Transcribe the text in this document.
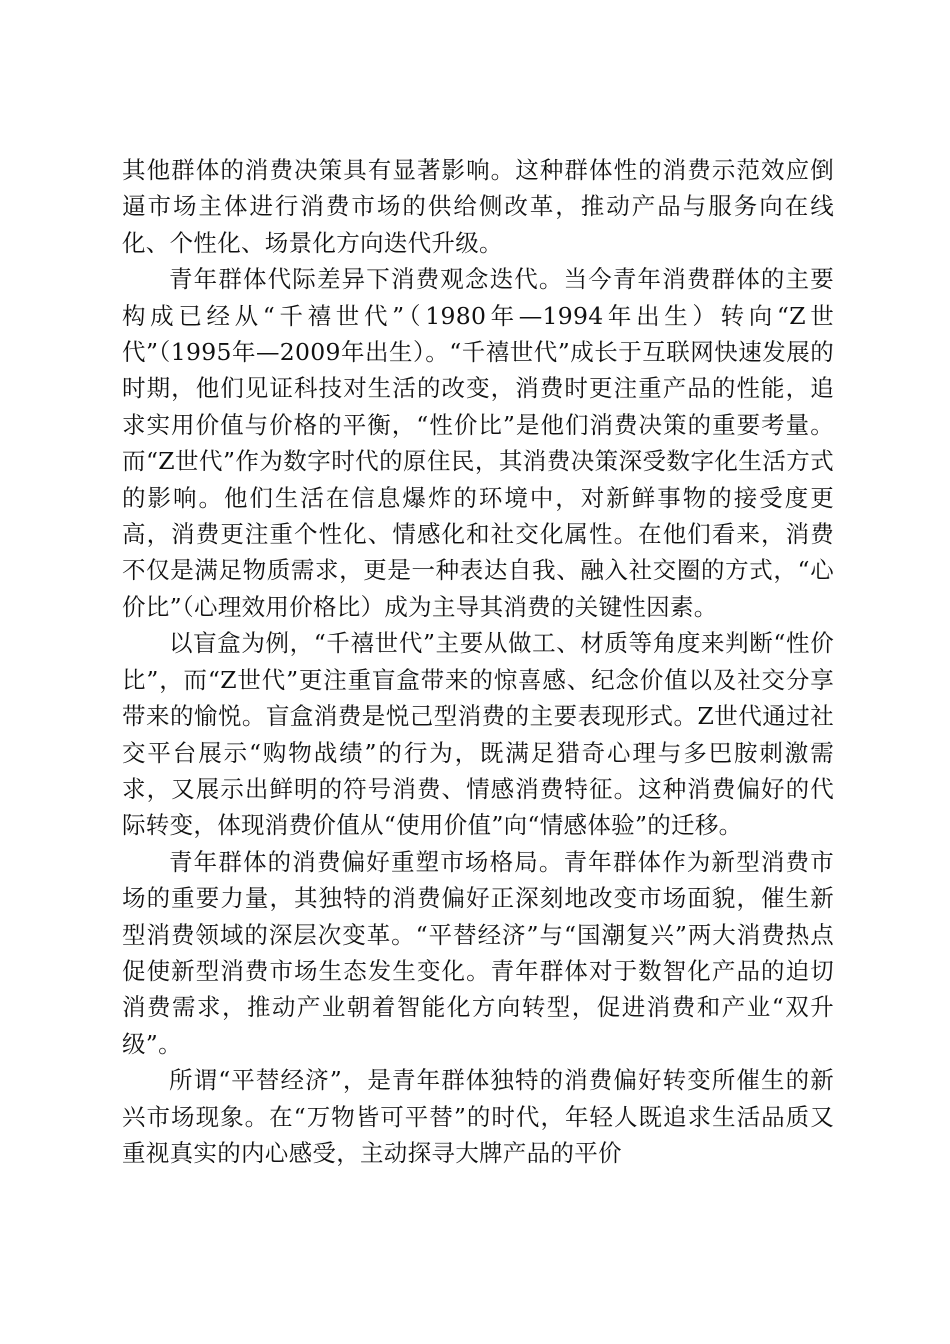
其他群体的消费决策具有显著影响。这种群体性的消费示范效应倒逼市场主体进行消费市场的供给侧改革，推动产品与服务向在线化、个性化、场景化方向迭代升级。

青年群体代际差异下消费观念迭代。当今青年消费群体的主要构成已经从“千禧世代”（1980年—1994年出生）转向“Z世代”（1995年—2009年出生）。“千禧世代”成长于互联网快速发展的时期，他们见证科技对生活的改变，消费时更注重产品的性能，追求实用价值与价格的平衡，“性价比”是他们消费决策的重要考量。而“Z世代”作为数字时代的原住民，其消费决策深受数字化生活方式的影响。他们生活在信息爆炸的环境中，对新鲜事物的接受度更高，消费更注重个性化、情感化和社交化属性。在他们看来，消费不仅是满足物质需求，更是一种表达自我、融入社交圈的方式，“心价比”（心理效用价格比）成为主导其消费的关键性因素。

以盲盒为例，“千禧世代”主要从做工、材质等角度来判断“性价比”，而“Z世代”更注重盲盒带来的惊喜感、纪念价值以及社交分享带来的愉悦。盲盒消费是悦己型消费的主要表现形式。Z世代通过社交平台展示“购物战绩”的行为，既满足猎奇心理与多巴胺刺激需求，又展示出鲜明的符号消费、情感消费特征。这种消费偏好的代际转变，体现消费价值从“使用价值”向“情感体验”的迁移。

青年群体的消费偏好重塑市场格局。青年群体作为新型消费市场的重要力量，其独特的消费偏好正深刻地改变市场面貌，催生新型消费领域的深层次变革。“平替经济”与“国潮复兴”两大消费热点促使新型消费市场生态发生变化。青年群体对于数智化产品的迫切消费需求，推动产业朝着智能化方向转型，促进消费和产业“双升级”。

所谓“平替经济”，是青年群体独特的消费偏好转变所催生的新兴市场现象。在“万物皆可平替”的时代，年轻人既追求生活品质又重视真实的内心感受，主动探寻大牌产品的平价
